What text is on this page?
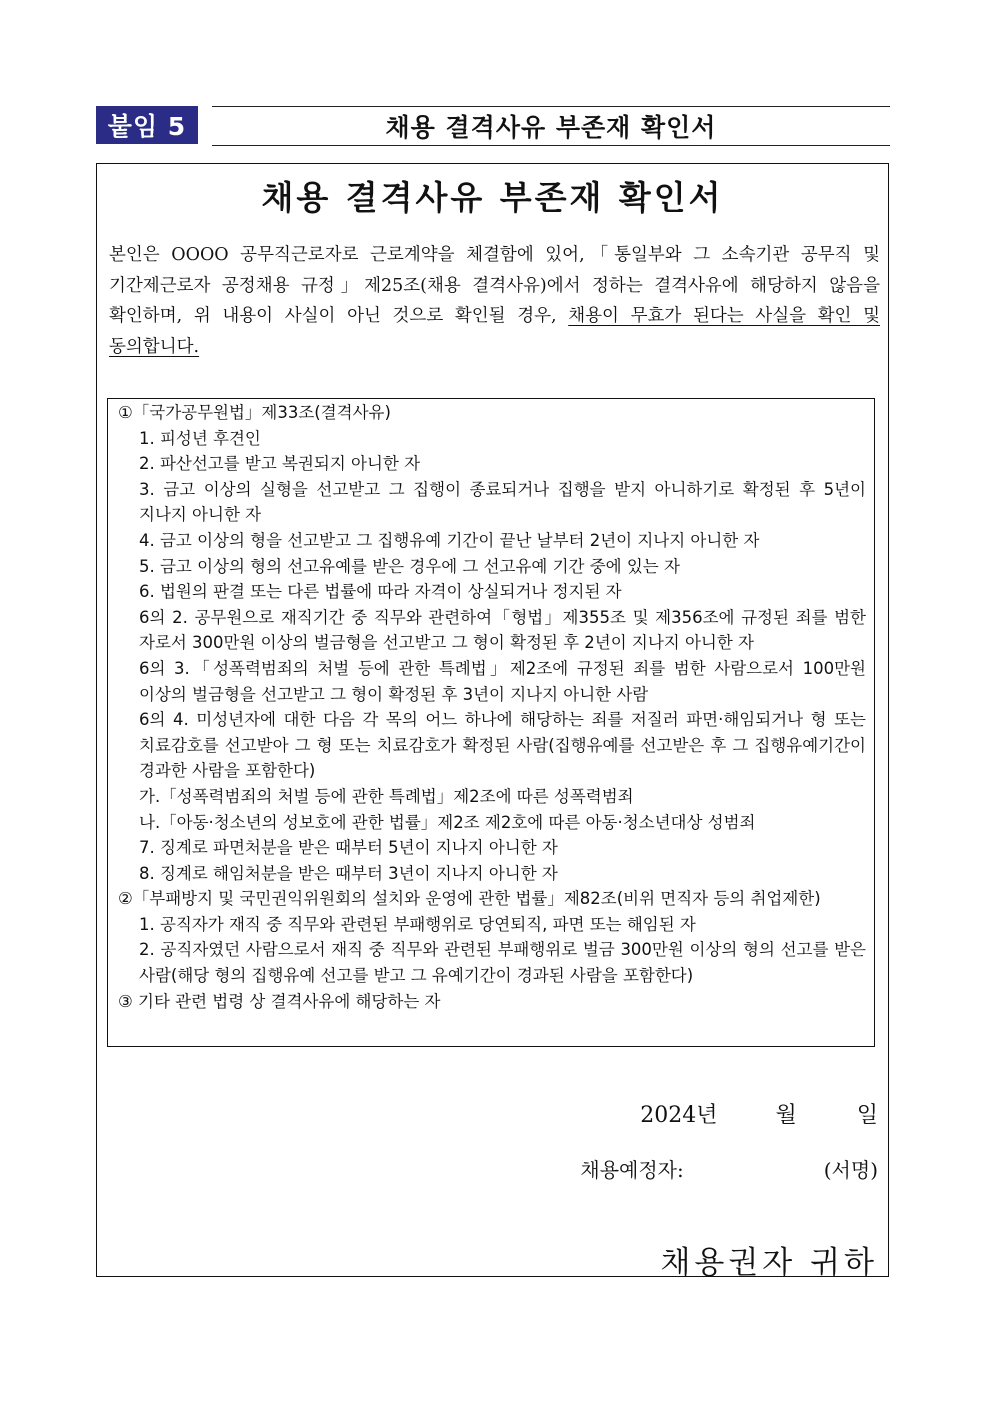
붙임 5	채용 결격사유 부존재 확인서
채용 결격사유 부존재 확인서
본인은 OOOO 공무직근로자로 근로계약을 체결함에 있어,「통일부와 그 소속기관 공무직 및 기간제근로자 공정채용 규정」제25조(채용 결격사유)에서 정하는 결격사유에 해당하지 않음을 확인하며, 위 내용이 사실이 아닌 것으로 확인될 경우, 채용이 무효가 된다는 사실을 확인 및 동의합니다.
①「국가공무원법」제33조(결격사유)
1. 피성년 후견인
2. 파산선고를 받고 복권되지 아니한 자
3. 금고 이상의 실형을 선고받고 그 집행이 종료되거나 집행을 받지 아니하기로 확정된 후 5년이 지나지 아니한 자
4. 금고 이상의 형을 선고받고 그 집행유예 기간이 끝난 날부터 2년이 지나지 아니한 자
5. 금고 이상의 형의 선고유예를 받은 경우에 그 선고유예 기간 중에 있는 자
6. 법원의 판결 또는 다른 법률에 따라 자격이 상실되거나 정지된 자
6의 2. 공무원으로 재직기간 중 직무와 관련하여「형법」제355조 및 제356조에 규정된 죄를 범한 자로서 300만원 이상의 벌금형을 선고받고 그 형이 확정된 후 2년이 지나지 아니한 자
6의 3.「성폭력범죄의 처벌 등에 관한 특례법」제2조에 규정된 죄를 범한 사람으로서 100만원 이상의 벌금형을 선고받고 그 형이 확정된 후 3년이 지나지 아니한 사람
6의 4. 미성년자에 대한 다음 각 목의 어느 하나에 해당하는 죄를 저질러 파면·해임되거나 형 또는 치료감호를 선고받아 그 형 또는 치료감호가 확정된 사람(집행유예를 선고받은 후 그 집행유예기간이 경과한 사람을 포함한다)
가.「성폭력범죄의 처벌 등에 관한 특례법」제2조에 따른 성폭력범죄
나.「아동·청소년의 성보호에 관한 법률」제2조 제2호에 따른 아동·청소년대상 성범죄
7. 징계로 파면처분을 받은 때부터 5년이 지나지 아니한 자
8. 징계로 해임처분을 받은 때부터 3년이 지나지 아니한 자
②「부패방지 및 국민권익위원회의 설치와 운영에 관한 법률」제82조(비위 면직자 등의 취업제한)
1. 공직자가 재직 중 직무와 관련된 부패행위로 당연퇴직, 파면 또는 해임된 자
2. 공직자였던 사람으로서 재직 중 직무와 관련된 부패행위로 벌금 300만원 이상의 형의 선고를 받은 사람(해당 형의 집행유예 선고를 받고 그 유예기간이 경과된 사람을 포함한다)
③ 기타 관련 법령 상 결격사유에 해당하는 자
2024년	월	일
채용예정자:	(서명)
채용권자 귀하
